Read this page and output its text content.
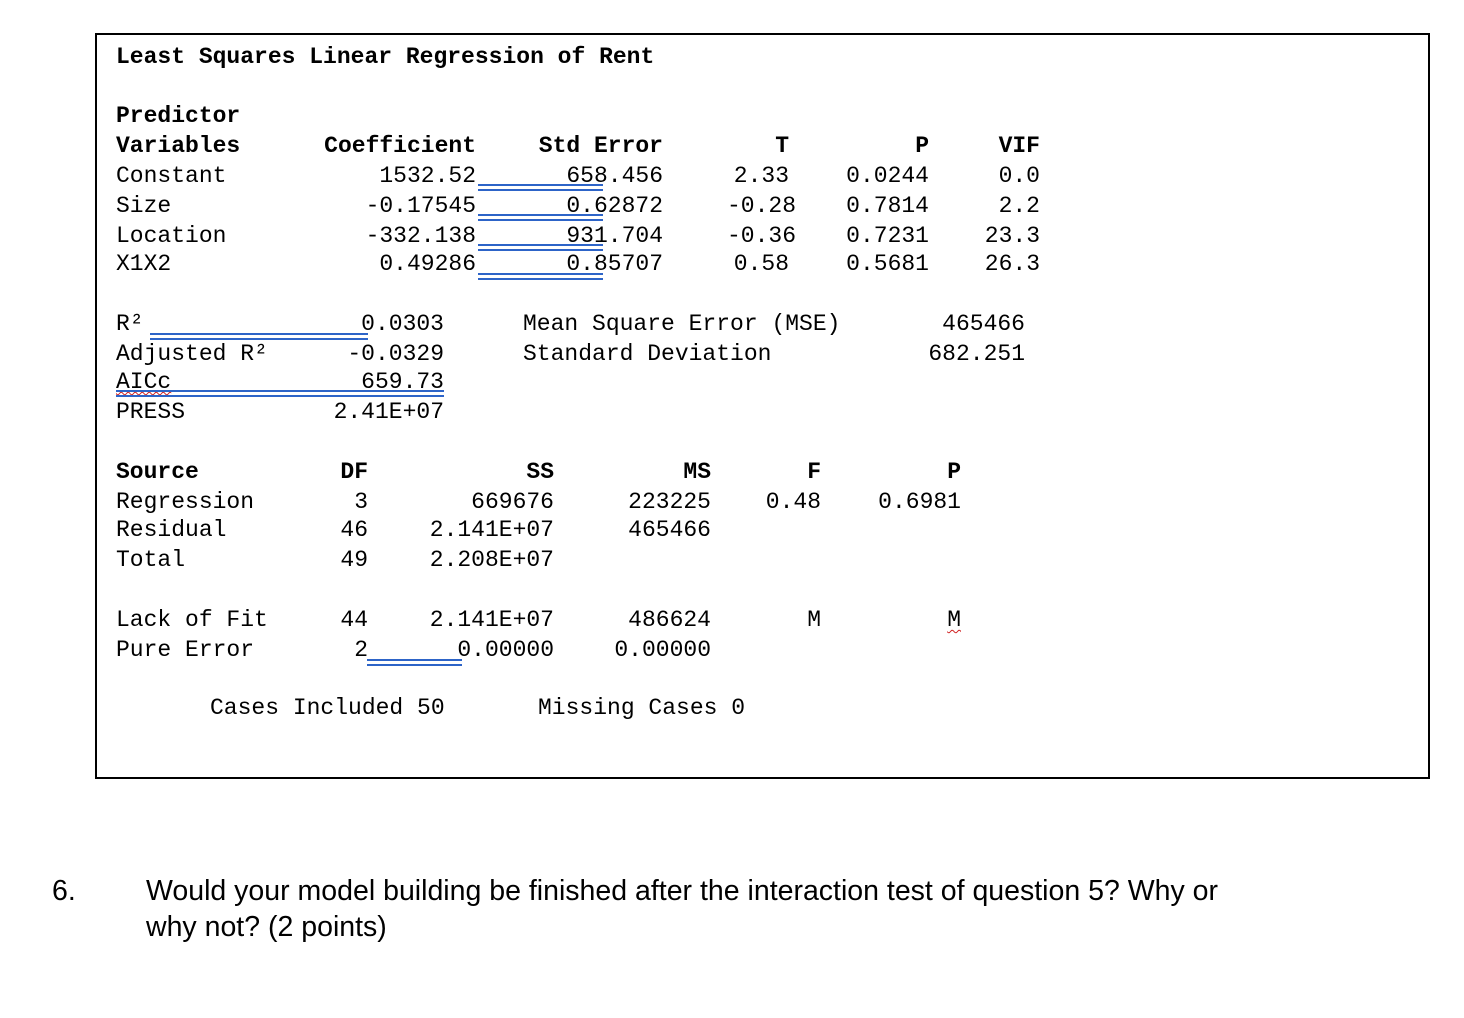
Least Squares Linear Regression of Rent
Predictor
Variables	Coefficient	Std Error	T	P	VIF
Constant	1532.52	658.456	2.33	0.0244	0.0
Size	-0.17545	0.62872	-0.28	0.7814	2.2
Location	-332.138	931.704	-0.36	0.7231	23.3
X1X2	0.49286	0.85707	0.58	0.5681	26.3
R²	0.0303
Adjusted R²	-0.0329
AICc	659.73
PRESS	2.41E+07
Mean Square Error (MSE)	465466
Standard Deviation	682.251
Source	DF	SS	MS	F	P
Regression	3	669676	223225	0.48	0.6981
Residual	46	2.141E+07	465466
Total	49	2.208E+07
Lack of Fit	44	2.141E+07	486624	M	M
Pure Error	2	0.00000	0.00000
Cases Included 50	Missing Cases 0
6. Would your model building be finished after the interaction test of question 5? Why or
why not? (2 points)
